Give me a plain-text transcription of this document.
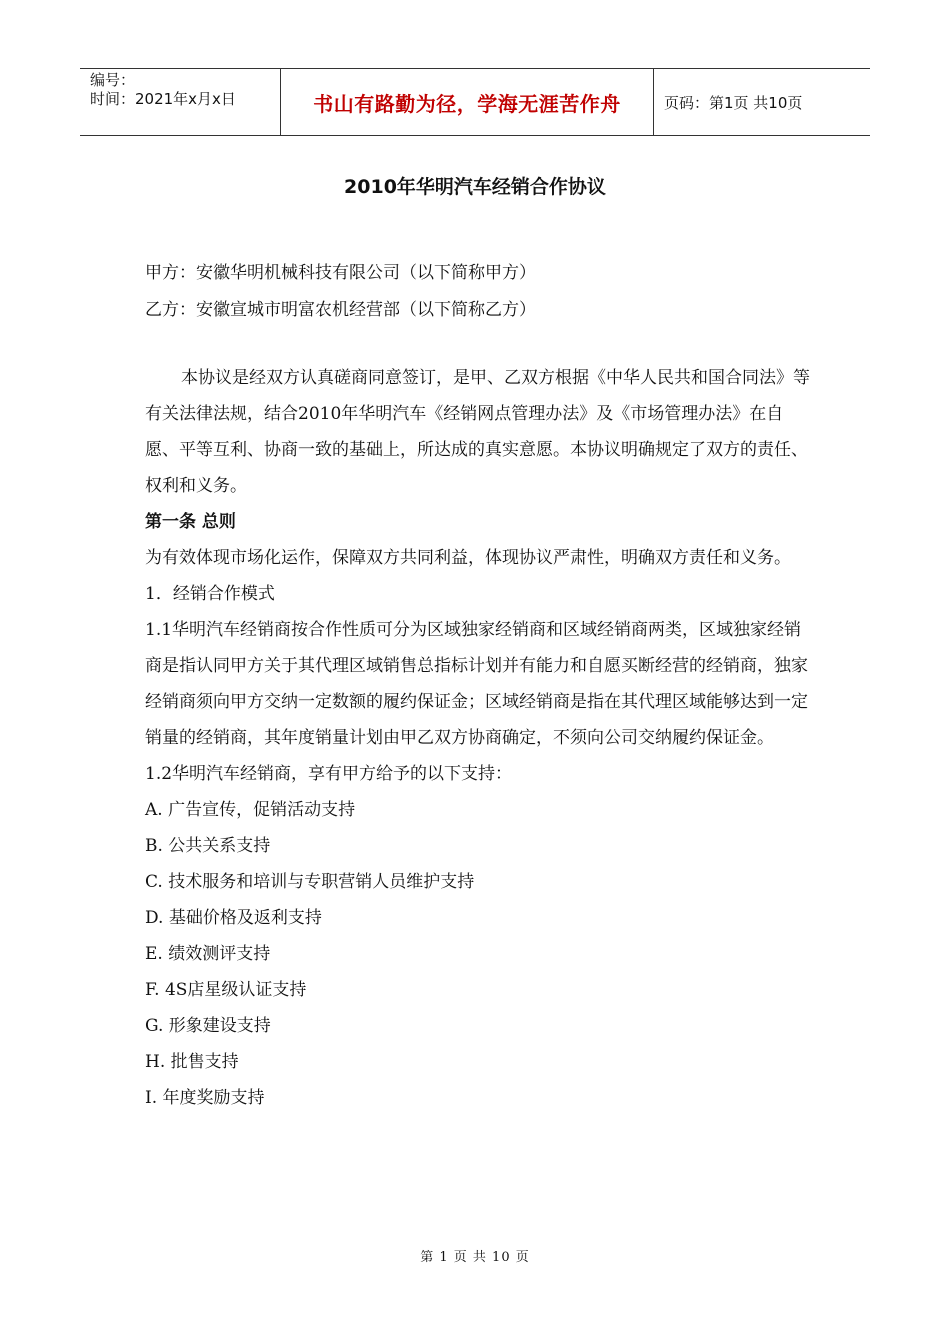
编号：
时间：2021年x月x日	书山有路勤为径，学海无涯苦作舟	页码：第1页 共10页
2010年华明汽车经销合作协议
甲方：安徽华明机械科技有限公司（以下简称甲方）
乙方：安徽宣城市明富农机经营部（以下简称乙方）

本协议是经双方认真磋商同意签订，是甲、乙双方根据《中华人民共和国合同法》等有关法律法规，结合2010年华明汽车《经销网点管理办法》及《市场管理办法》在自愿、平等互利、协商一致的基础上，所达成的真实意愿。本协议明确规定了双方的责任、权利和义务。

第一条 总则

为有效体现市场化运作，保障双方共同利益，体现协议严肃性，明确双方责任和义务。

1．经销合作模式

1.1华明汽车经销商按合作性质可分为区域独家经销商和区域经销商两类，区域独家经销商是指认同甲方关于其代理区域销售总指标计划并有能力和自愿买断经营的经销商，独家经销商须向甲方交纳一定数额的履约保证金；区域经销商是指在其代理区域能够达到一定销量的经销商，其年度销量计划由甲乙双方协商确定，不须向公司交纳履约保证金。

1.2华明汽车经销商，享有甲方给予的以下支持：

A. 广告宣传，促销活动支持

B. 公共关系支持

C. 技术服务和培训与专职营销人员维护支持

D. 基础价格及返利支持

E. 绩效测评支持

F. 4S店星级认证支持

G. 形象建设支持

H. 批售支持

I. 年度奖励支持

第 1 页 共 10 页
